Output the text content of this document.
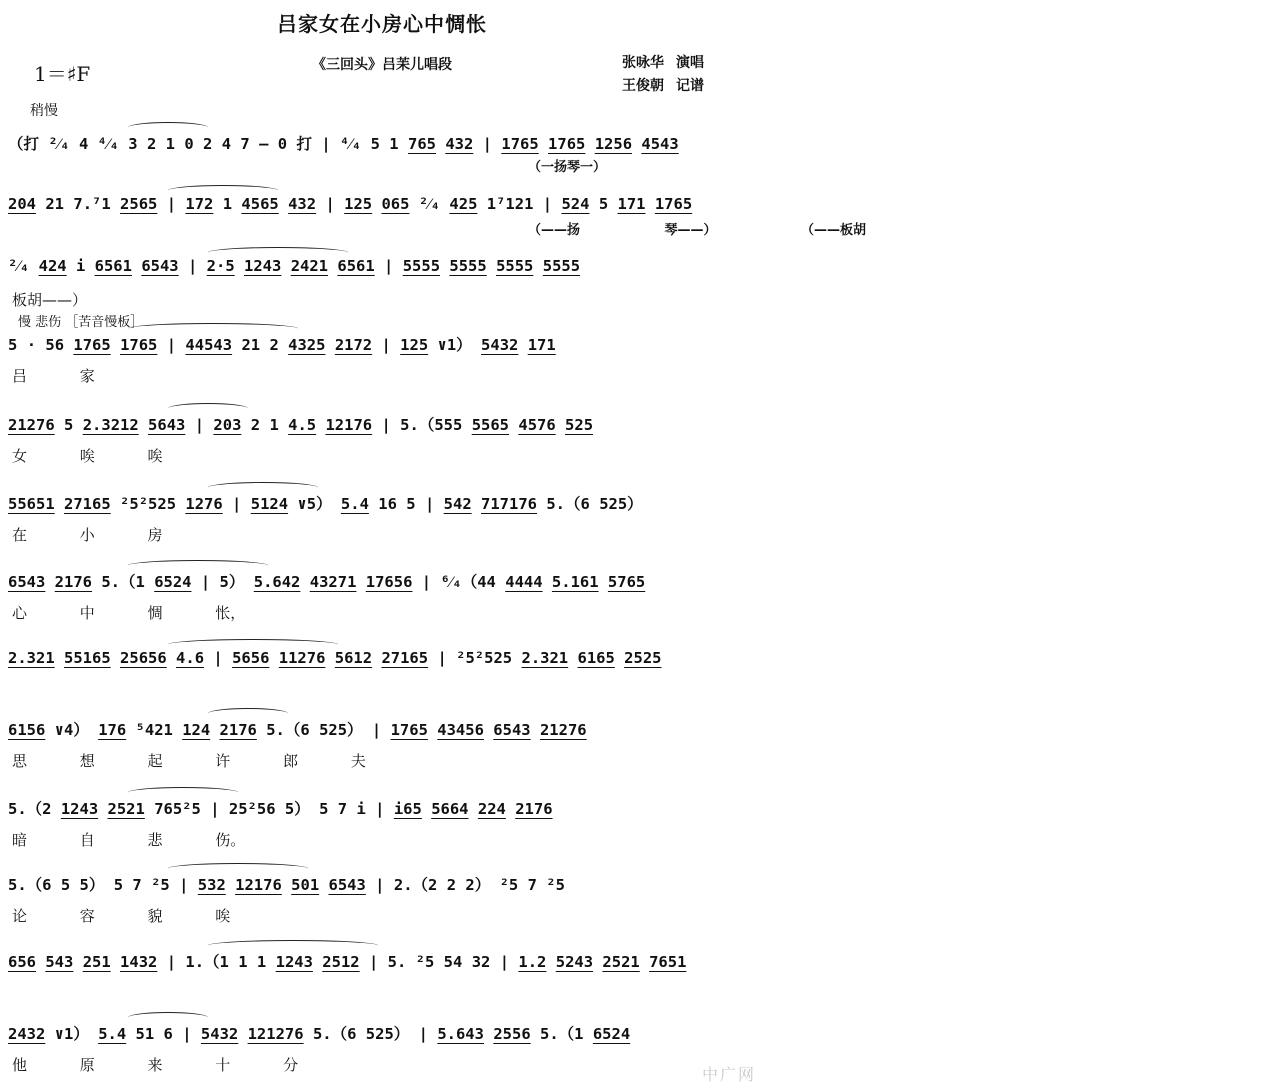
吕家女在小房心中惆怅
1＝♯F	《三回头》吕苿儿唱段	张咏华 演唱
王俊朝 记谱
稍慢
（打 ²⁄₄ 4 ⁴⁄₄ 3 2 1 0 2 4 7 – 0 打 | ⁴⁄₄ 5 1 765 432 | 1765 1765 1256 4543
（一扬琴一）
204 21 7.⁷1 2565 | 172 1 4565 432 | 125 065 ²⁄₄ 425 1⁷121 | 524 5 171 1765
（——扬 琴——） （——板胡
²⁄₄ 424 i 6561 6543 | 2·5 1243 2421 6561 | 5555 5555 5555 5555
板胡——）
慢 悲伤 ［苦音慢板］
5 · 56 1765 1765 | 44543 21 2 4325 2172 | 125 ∨1） 5432 171
吕 家
21276 5 2.3212 5643 | 203 2 1 4.5 12176 | 5.（555 5565 4576 525
女 唉 唉
55651 27165 ²5²525 1276 | 5124 ∨5） 5.4 16 5 | 542 717176 5.（6 525）
在 小 房
6543 2176 5.（1 6524 | 5） 5.642 43271 17656 | ⁶⁄₄（44 4444 5.161 5765
心 中 惆 怅，
2.321 55165 25656 4.6 | 5656 11276 5612 27165 | ²5²525 2.321 6165 2525
6156 ∨4） 176 ⁵421 124 2176 5.（6 525） | 1765 43456 6543 21276
思 想 起 许 郎 夫
5.（2 1243 2521 765²5 | 25²56 5） 5 7 i | i65 5664 224 2176
暗 自 悲 伤。
5.（6 5 5） 5 7 ²5 | 532 12176 501 6543 | 2.（2 2 2） ²5 7 ²5
论 容 貌 唉
656 543 251 1432 | 1.（1 1 1 1243 2512 | 5. ²5 54 32 | 1.2 5243 2521 7651
2432 ∨1） 5.4 51 6 | 5432 121276 5.（6 525） | 5.643 2556 5.（1 6524
他 原 来 十 分	中广网
